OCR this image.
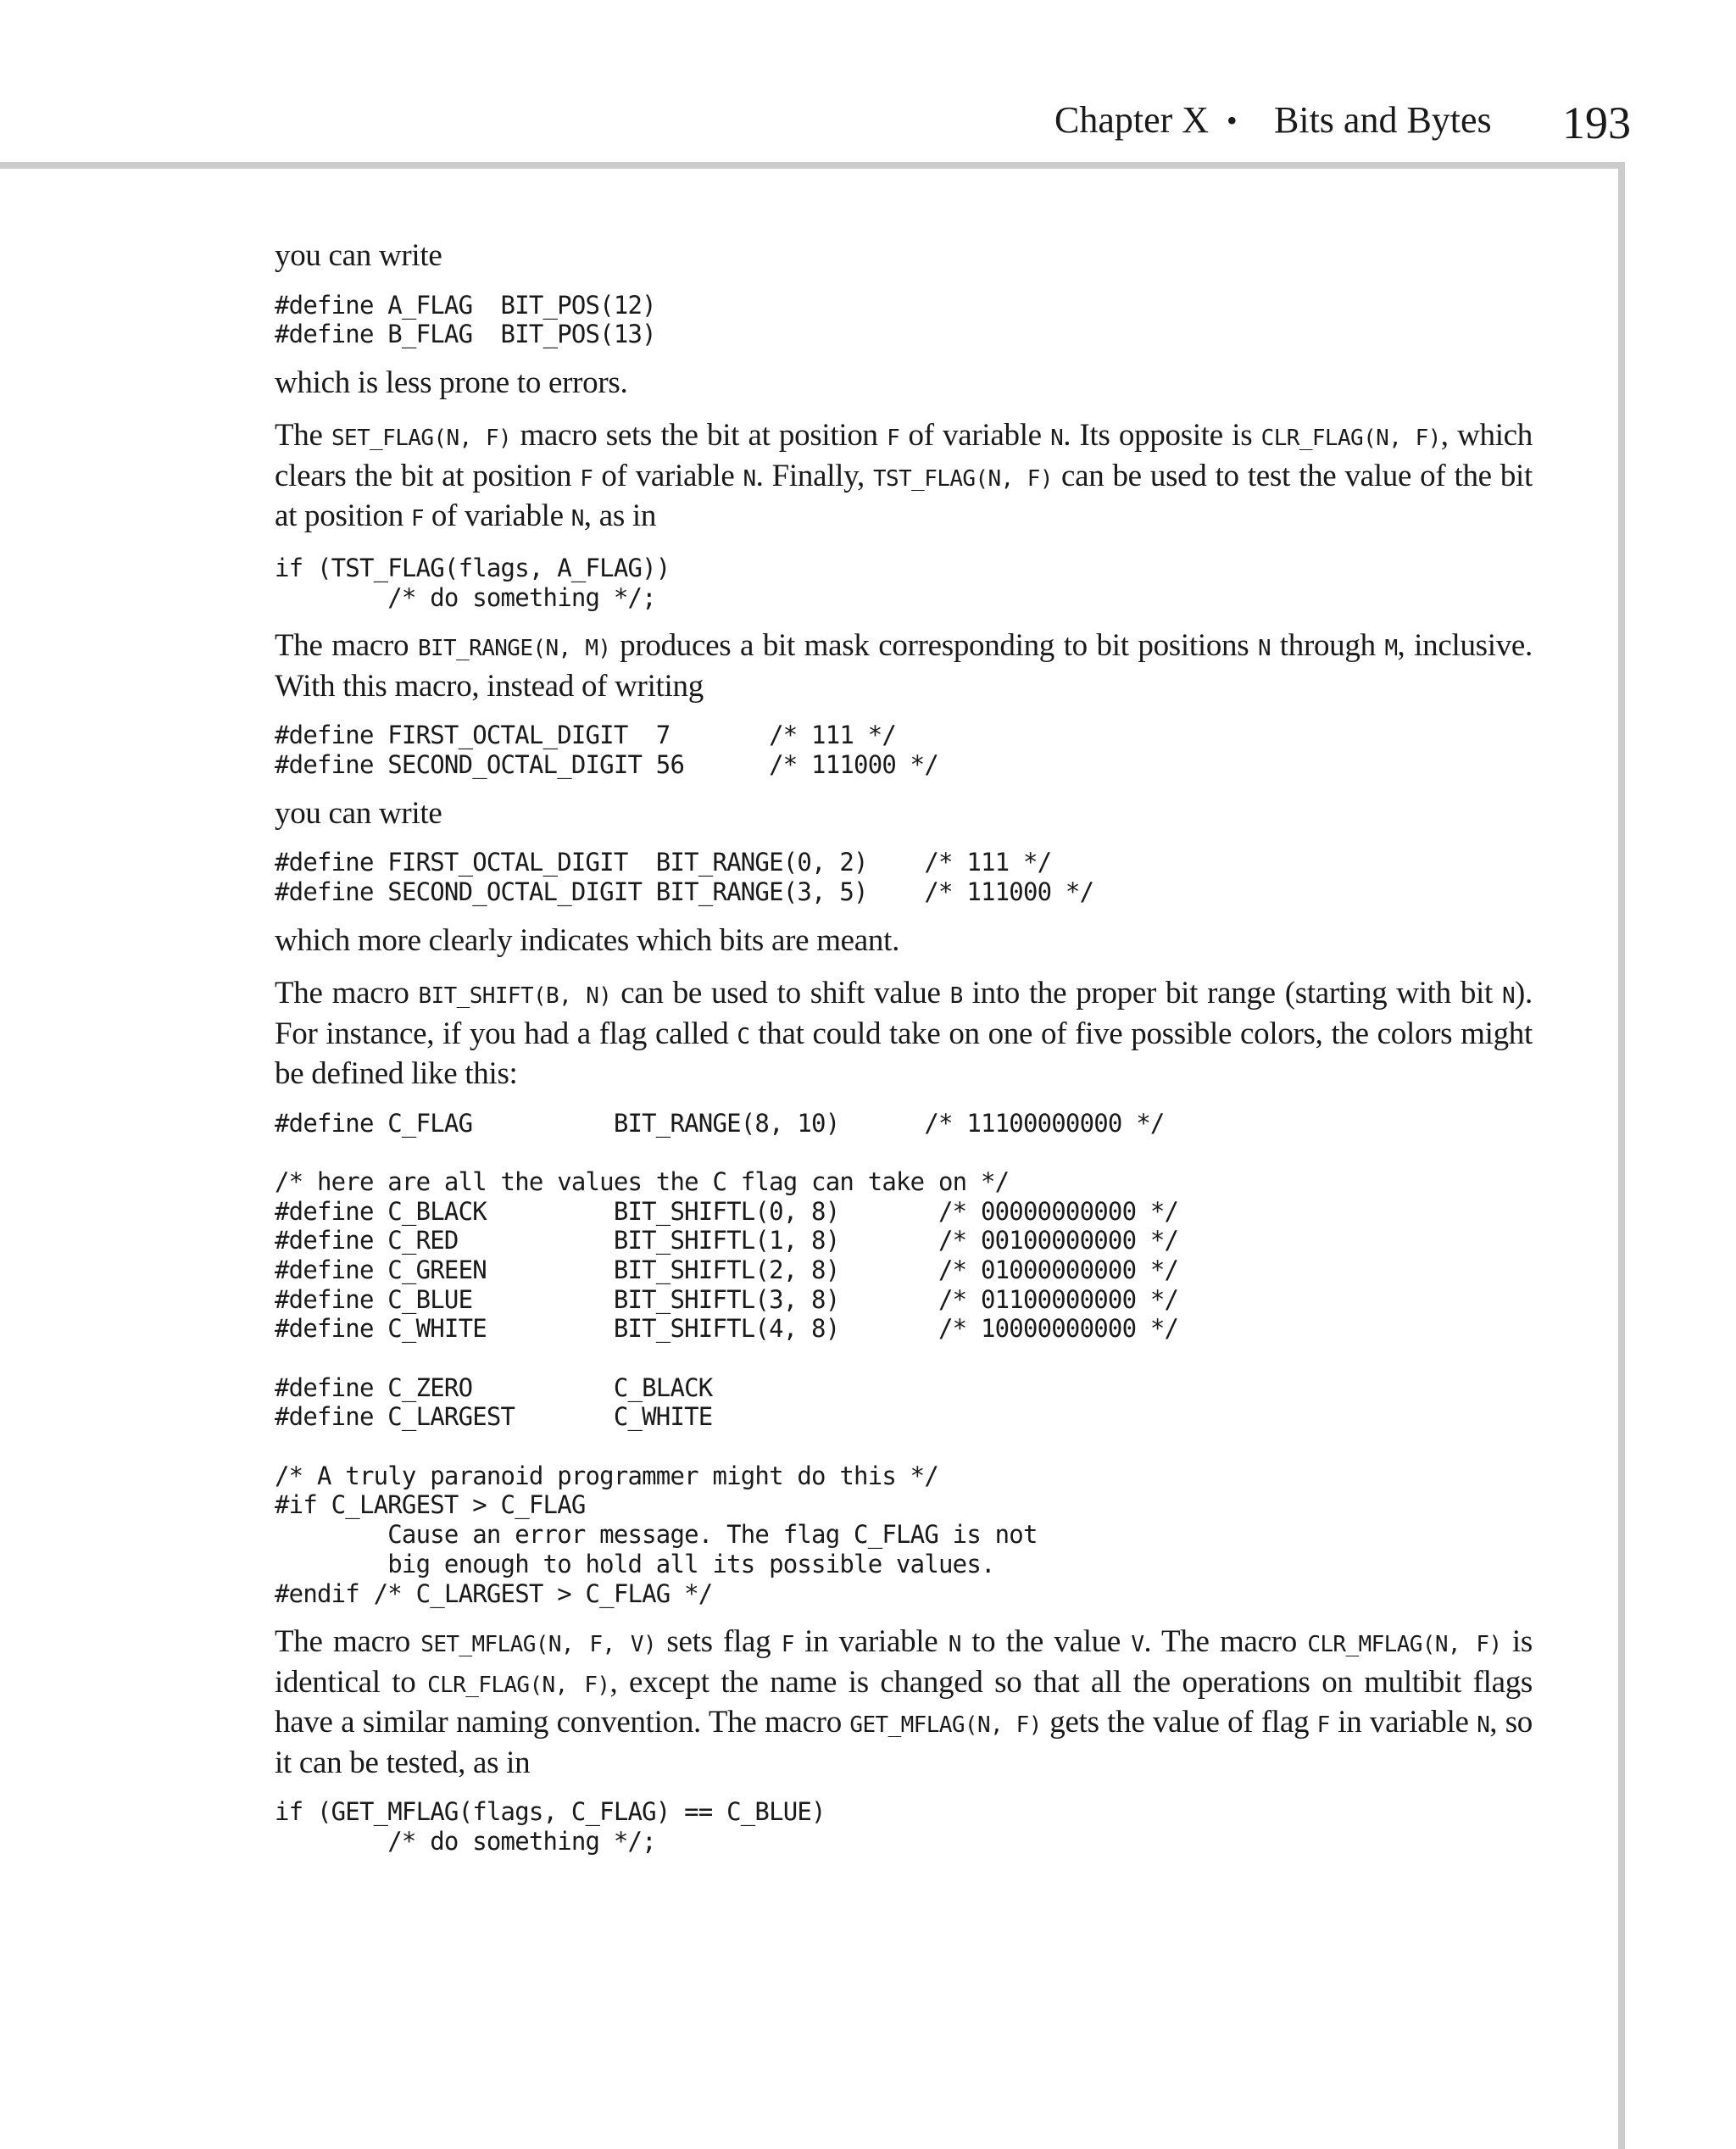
Chapter X • Bits and Bytes 193

you can write

#define A_FLAG  BIT_POS(12)
#define B_FLAG  BIT_POS(13)

which is less prone to errors.

The SET_FLAG(N, F) macro sets the bit at position F of variable N. Its opposite is CLR_FLAG(N, F), which clears the bit at position F of variable N. Finally, TST_FLAG(N, F) can be used to test the value of the bit at position F of variable N, as in

if (TST_FLAG(flags, A_FLAG))
/* do something */;

The macro BIT_RANGE(N, M) produces a bit mask corresponding to bit positions N through M, inclusive. With this macro, instead of writing

#define FIRST_OCTAL_DIGIT  7       /* 111 */
#define SECOND_OCTAL_DIGIT 56      /* 111000 */

you can write

#define FIRST_OCTAL_DIGIT  BIT_RANGE(0, 2)    /* 111 */
#define SECOND_OCTAL_DIGIT BIT_RANGE(3, 5)    /* 111000 */

which more clearly indicates which bits are meant.

The macro BIT_SHIFT(B, N) can be used to shift value B into the proper bit range (starting with bit N). For instance, if you had a flag called C that could take on one of five possible colors, the colors might be defined like this:

#define C_FLAG          BIT_RANGE(8, 10)      /* 11100000000 */
/* here are all the values the C flag can take on */
#define C_BLACK         BIT_SHIFTL(0, 8)       /* 00000000000 */
#define C_RED           BIT_SHIFTL(1, 8)       /* 00100000000 */
#define C_GREEN         BIT_SHIFTL(2, 8)       /* 01000000000 */
#define C_BLUE          BIT_SHIFTL(3, 8)       /* 01100000000 */
#define C_WHITE         BIT_SHIFTL(4, 8)       /* 10000000000 */
#define C_ZERO          C_BLACK
#define C_LARGEST       C_WHITE
/* A truly paranoid programmer might do this */
#if C_LARGEST > C_FLAG
Cause an error message. The flag C_FLAG is not
big enough to hold all its possible values.
#endif /* C_LARGEST > C_FLAG */

The macro SET_MFLAG(N, F, V) sets flag F in variable N to the value V. The macro CLR_MFLAG(N, F) is identical to CLR_FLAG(N, F), except the name is changed so that all the operations on multibit flags have a similar naming convention. The macro GET_MFLAG(N, F) gets the value of flag F in variable N, so it can be tested, as in

if (GET_MFLAG(flags, C_FLAG) == C_BLUE)
/* do something */;
